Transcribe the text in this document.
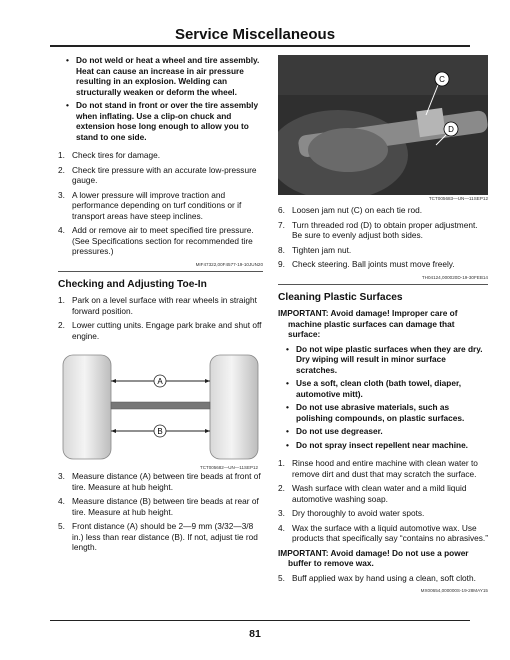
Service Miscellaneous
• Do not weld or heat a wheel and tire assembly. Heat can cause an increase in air pressure resulting in an explosion. Welding can structurally weaken or deform the wheel.
• Do not stand in front or over the tire assembly when inflating. Use a clip-on chuck and extension hose long enough to allow you to stand to one side.
1. Check tires for damage.
2. Check tire pressure with an accurate low-pressure gauge.
3. A lower pressure will improve traction and performance depending on turf conditions or if transport areas have steep inclines.
4. Add or remove air to meet specified tire pressure. (See Specifications section for recommended tire pressures.)
MIF47322,00F4577-19-10JUN20
Checking and Adjusting Toe-In
1. Park on a level surface with rear wheels in straight forward position.
2. Lower cutting units. Engage park brake and shut off engine.
A
B
TCT005682—UN—11SEP12
3. Measure distance (A) between tire beads at front of tire. Measure at hub height.
4. Measure distance (B) between tire beads at rear of tire. Measure at hub height.
5. Front distance (A) should be 2—9 mm (3/32—3/8 in.) less than rear distance (B). If not, adjust tie rod length.
C
D
TCT005683—UN—11SEP12
6. Loosen jam nut (C) on each tie rod.
7. Turn threaded rod (D) to obtain proper adjustment. Be sure to evenly adjust both sides.
8. Tighten jam nut.
9. Check steering. Ball joints must move freely.
TH04124,000020D-19-30FEB14
Cleaning Plastic Surfaces
IMPORTANT: Avoid damage! Improper care of
machine plastic surfaces can damage that surface:
• Do not wipe plastic surfaces when they are dry. Dry wiping will result in minor surface scratches.
• Use a soft, clean cloth (bath towel, diaper, automotive mitt).
• Do not use abrasive materials, such as polishing compounds, on plastic surfaces.
• Do not use degreaser.
• Do not spray insect repellent near machine.
1. Rinse hood and entire machine with clean water to remove dirt and dust that may scratch the surface.
2. Wash surface with clean water and a mild liquid automotive washing soap.
3. Dry thoroughly to avoid water spots.
4. Wax the surface with a liquid automotive wax. Use products that specifically say “contains no abrasives.”
IMPORTANT: Avoid damage! Do not use a power
buffer to remove wax.
5. Buff applied wax by hand using a clean, soft cloth.
MX00654,000000S-19-28MAY15
81
